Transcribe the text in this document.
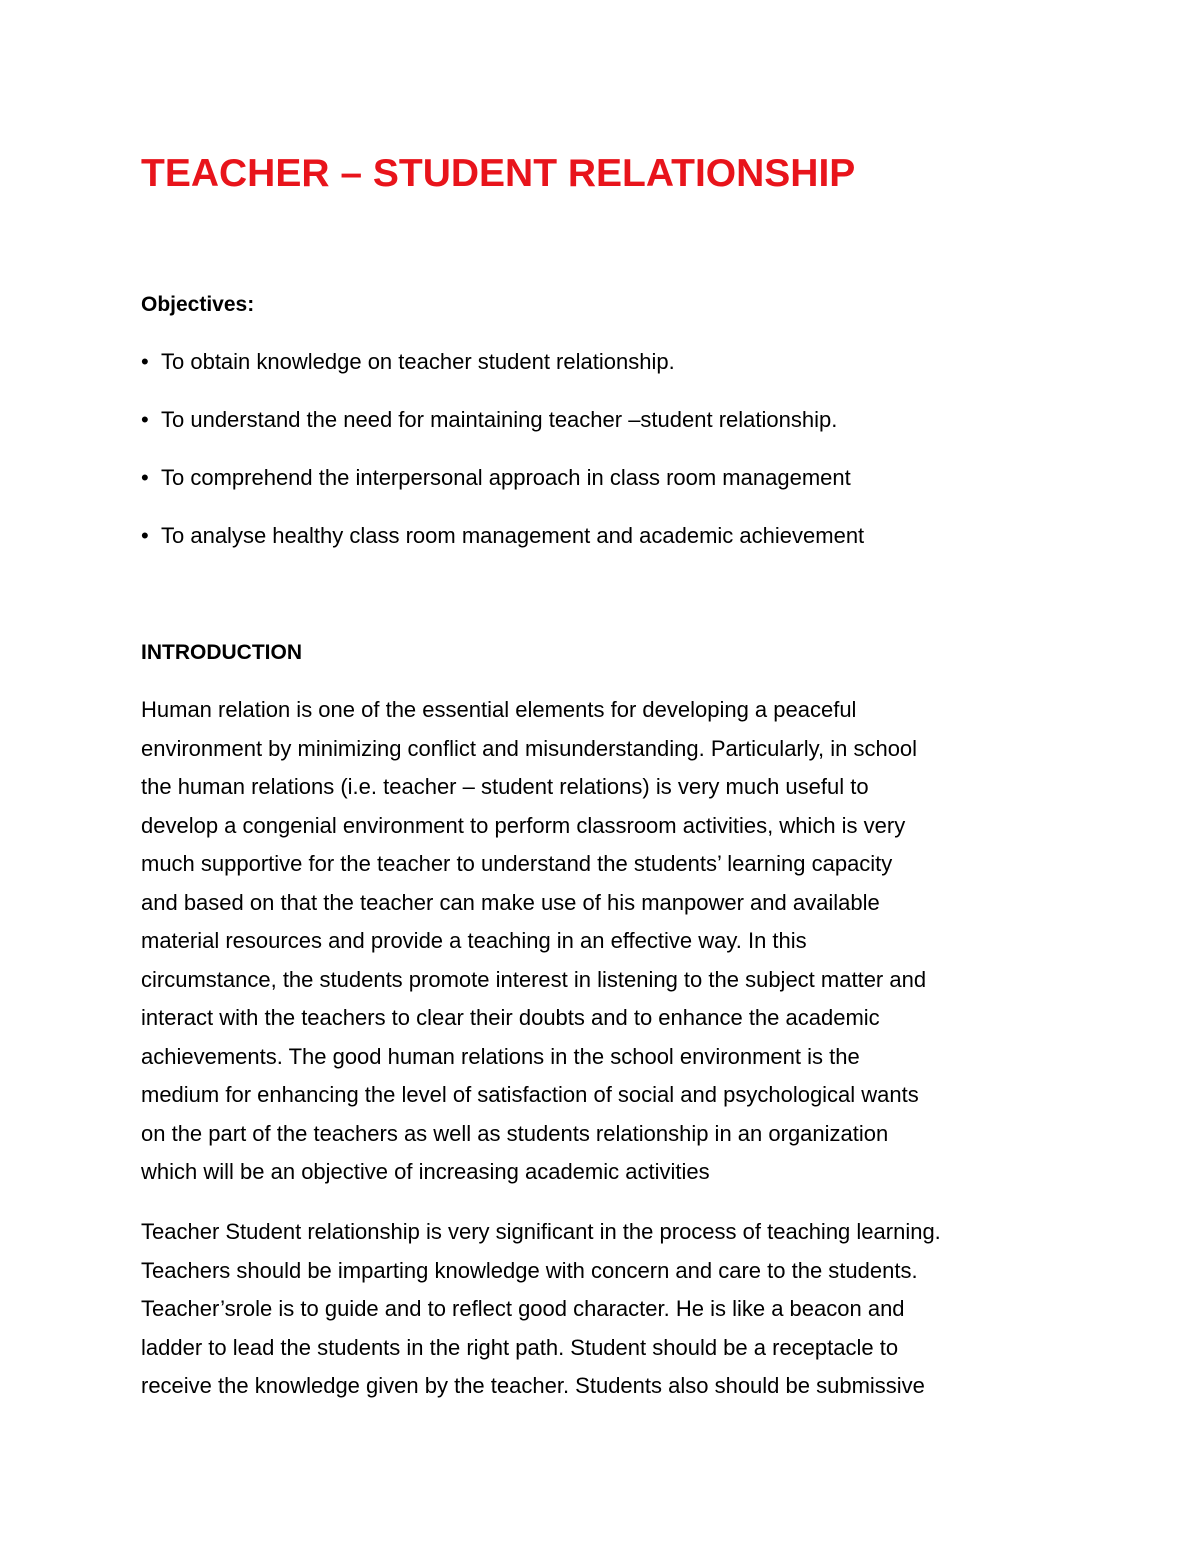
TEACHER – STUDENT RELATIONSHIP
Objectives:
• To obtain knowledge on teacher student relationship.
• To understand the need for maintaining teacher –student relationship.
• To comprehend the interpersonal approach in class room management
• To analyse healthy class room management and academic achievement
INTRODUCTION
Human relation is one of the essential elements for developing a peaceful
environment by minimizing conflict and misunderstanding. Particularly, in school
the human relations (i.e. teacher – student relations) is very much useful to
develop a congenial environment to perform classroom activities, which is very
much supportive for the teacher to understand the students’ learning capacity
and based on that the teacher can make use of his manpower and available
material resources and provide a teaching in an effective way. In this
circumstance, the students promote interest in listening to the subject matter and
interact with the teachers to clear their doubts and to enhance the academic
achievements. The good human relations in the school environment is the
medium for enhancing the level of satisfaction of social and psychological wants
on the part of the teachers as well as students relationship in an organization
which will be an objective of increasing academic activities
Teacher Student relationship is very significant in the process of teaching learning.
Teachers should be imparting knowledge with concern and care to the students.
Teacher’srole is to guide and to reflect good character. He is like a beacon and
ladder to lead the students in the right path. Student should be a receptacle to
receive the knowledge given by the teacher. Students also should be submissive
